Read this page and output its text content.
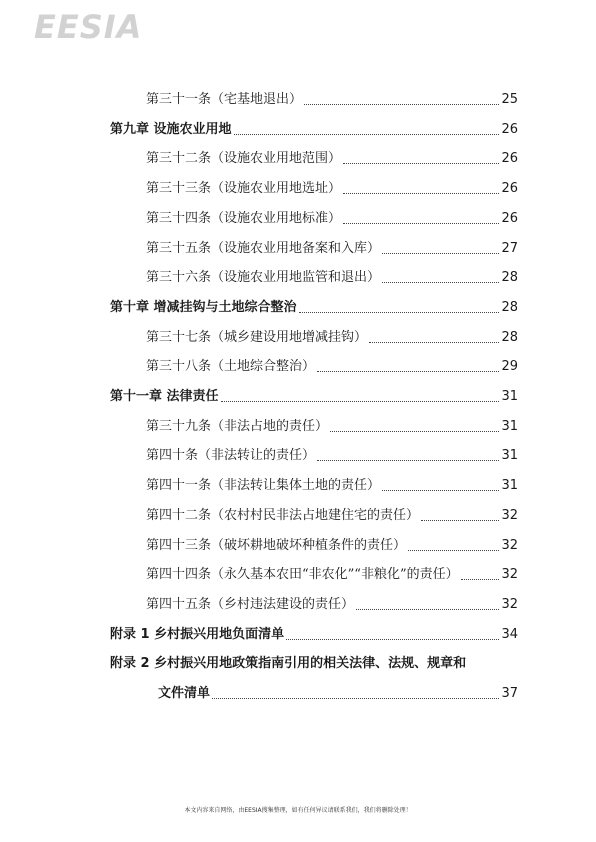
EESIA
第三十一条（宅基地退出）	25
第九章 设施农业用地	26
第三十二条（设施农业用地范围）	26
第三十三条（设施农业用地选址）	26
第三十四条（设施农业用地标准）	26
第三十五条（设施农业用地备案和入库）	27
第三十六条（设施农业用地监管和退出）	28
第十章 增减挂钩与土地综合整治	28
第三十七条（城乡建设用地增减挂钩）	28
第三十八条（土地综合整治）	29
第十一章 法律责任	31
第三十九条（非法占地的责任）	31
第四十条（非法转让的责任）	31
第四十一条（非法转让集体土地的责任）	31
第四十二条（农村村民非法占地建住宅的责任）	32
第四十三条（破坏耕地破坏种植条件的责任）	32
第四十四条（永久基本农田“非农化”“非粮化”的责任）	32
第四十五条（乡村违法建设的责任）	32
附录 1 乡村振兴用地负面清单	34
附录 2 乡村振兴用地政策指南引用的相关法律、法规、规章和
文件清单	37
本文内容来自网络，由EESIA搜集整理，如有任何异议请联系我们，我们将删除处理！
